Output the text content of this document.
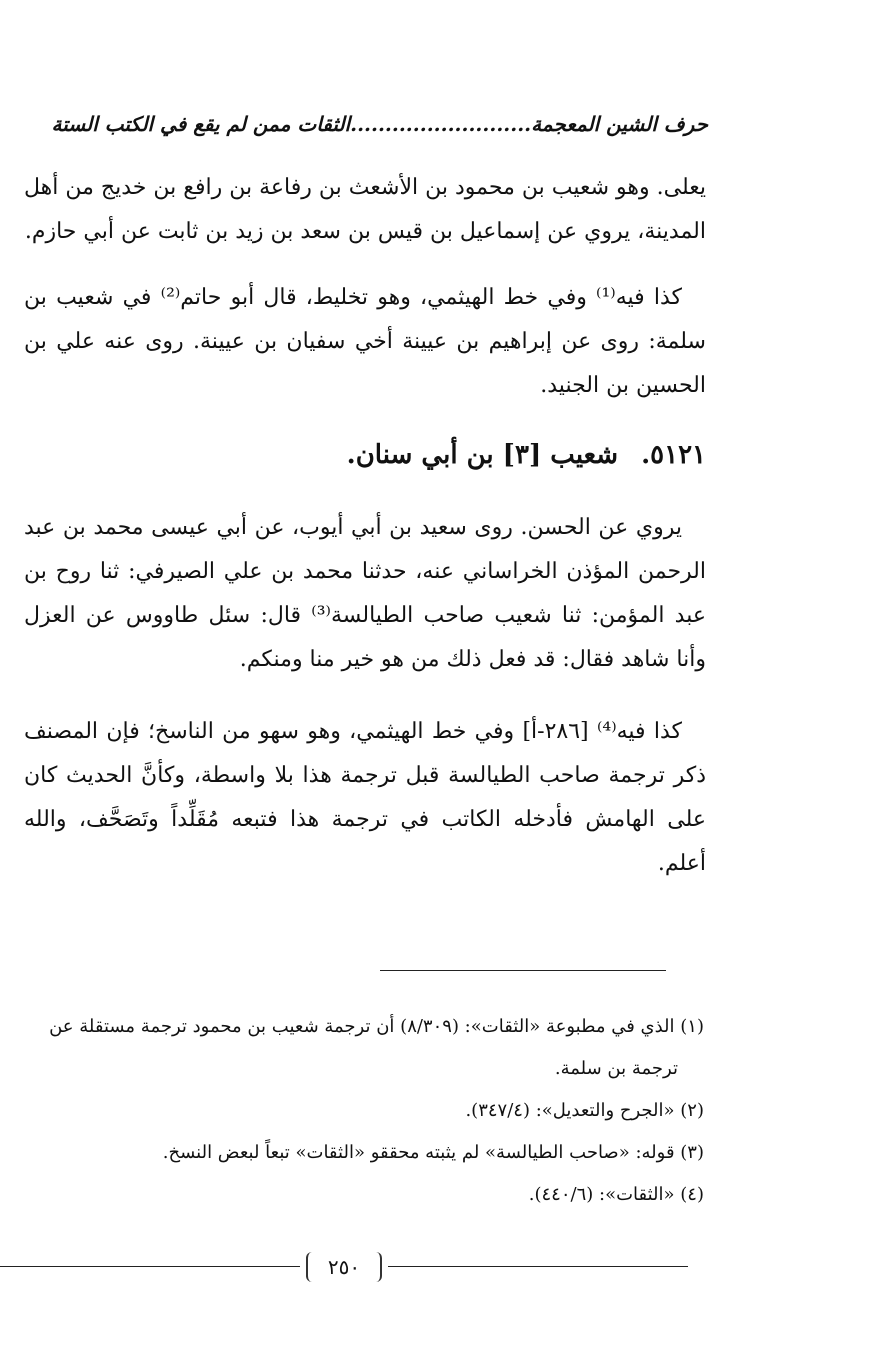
حرف الشين المعجمة..........................الثقات ممن لم يقع في الكتب الستة
يعلى. وهو شعيب بن محمود بن الأشعث بن رفاعة بن رافع بن خديج من أهل المدينة، يروي عن إسماعيل بن قيس بن سعد بن زيد بن ثابت عن أبي حازم.
كذا فيه⁽¹⁾ وفي خط الهيثمي، وهو تخليط، قال أبو حاتم⁽²⁾ في شعيب بن سلمة: روى عن إبراهيم بن عيينة أخي سفيان بن عيينة. روى عنه علي بن الحسين بن الجنيد.
٥١٢١. شعيب [٣] بن أبي سنان.
يروي عن الحسن. روى سعيد بن أبي أيوب، عن أبي عيسى محمد بن عبد الرحمن المؤذن الخراساني عنه، حدثنا محمد بن علي الصيرفي: ثنا روح بن عبد المؤمن: ثنا شعيب صاحب الطيالسة⁽³⁾ قال: سئل طاووس عن العزل وأنا شاهد فقال: قد فعل ذلك من هو خير منا ومنكم.
كذا فيه⁽⁴⁾ [٢٨٦-أ] وفي خط الهيثمي، وهو سهو من الناسخ؛ فإن المصنف ذكر ترجمة صاحب الطيالسة قبل ترجمة هذا بلا واسطة، وكأنَّ الحديث كان على الهامش فأدخله الكاتب في ترجمة هذا فتبعه مُقَلِّداً وتَصَحَّف، والله أعلم.
(١) الذي في مطبوعة «الثقات»: (٨/٣٠٩) أن ترجمة شعيب بن محمود ترجمة مستقلة عن
ترجمة بن سلمة.
(٢) «الجرح والتعديل»: (٣٤٧/٤).
(٣) قوله: «صاحب الطيالسة» لم يثبته محققو «الثقات» تبعاً لبعض النسخ.
(٤) «الثقات»: (٤٤٠/٦).
٢٥٠
